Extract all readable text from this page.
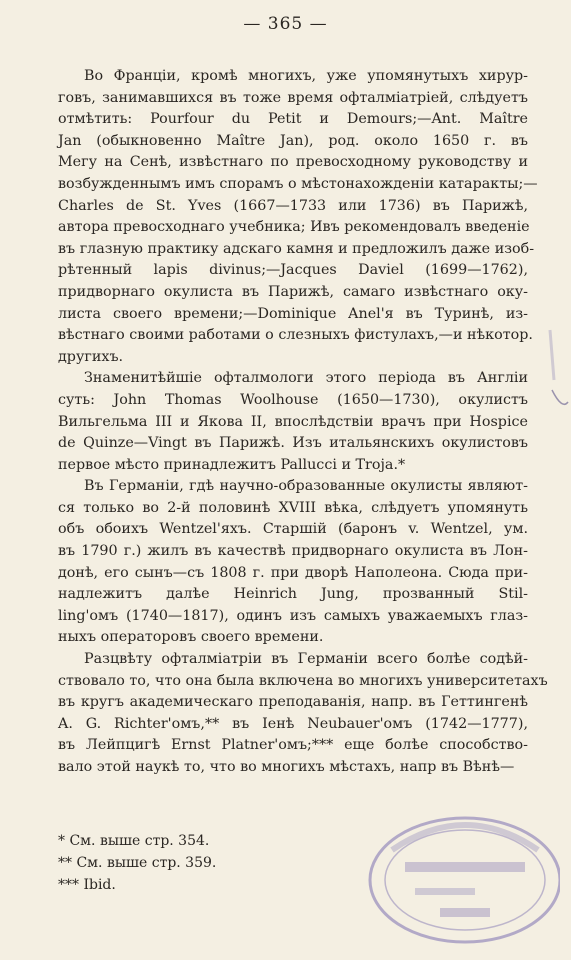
— 365 —
Во Франціи, кромѣ многихъ, уже упомянутыхъ хирур-
говъ, занимавшихся въ тоже время офталміатріей, слѣдуетъ
отмѣтить: Pourfour du Petit и Demours;—Ant. Maître
Jan (обыкновенно Maître Jan), род. около 1650 г. въ
Мегу на Сенѣ, извѣстнаго по превосходному руководству и
возбужденнымъ имъ спорамъ о мѣстонахожденіи катаракты;—
Charles de St. Yves (1667—1733 или 1736) въ Парижѣ,
автора превосходнаго учебника; Ивъ рекомендовалъ введеніе
въ глазную практику адскаго камня и предложилъ даже изоб-
рѣтенный lapis divinus;—Jacques Daviel (1699—1762),
придворнаго окулиста въ Парижѣ, самаго извѣстнаго оку-
листа своего времени;—Dominique Anel'я въ Туринѣ, из-
вѣстнаго своими работами о слезныхъ фистулахъ,—и нѣкотор.
другихъ.
Знаменитѣйшіе офталмологи этого періода въ Англіи
суть: John Thomas Woolhouse (1650—1730), окулистъ
Вильгельма III и Якова II, впослѣдствіи врачъ при Hospice
de Quinze—Vingt въ Парижѣ. Изъ итальянскихъ окулистовъ
первое мѣсто принадлежитъ Pallucci и Troja.*
Въ Германіи, гдѣ научно-образованные окулисты являют-
ся только во 2-й половинѣ XVIII вѣка, слѣдуетъ упомянуть
объ обоихъ Wentzel'яхъ. Старшій (баронъ v. Wentzel, ум.
въ 1790 г.) жилъ въ качествѣ придворнаго окулиста въ Лон-
донѣ, его сынъ—съ 1808 г. при дворѣ Наполеона. Сюда при-
надлежитъ далѣе Heinrich Jung, прозванный Stil-
ling'омъ (1740—1817), одинъ изъ самыхъ уважаемыхъ глаз-
ныхъ операторовъ своего времени.
Разцвѣту офталміатріи въ Германіи всего болѣе содѣй-
ствовало то, что она была включена во многихъ университетахъ
въ кругъ академическаго преподаванія, напр. въ Геттингенѣ
A. G. Richter'омъ,** въ Іенѣ Neubauer'омъ (1742—1777),
въ Лейпцигѣ Ernst Platner'омъ;*** еще болѣе способство-
вало этой наукѣ то, что во многихъ мѣстахъ, напр въ Вѣнѣ—
* См. выше стр. 354.
** См. выше стр. 359.
*** Ibid.
